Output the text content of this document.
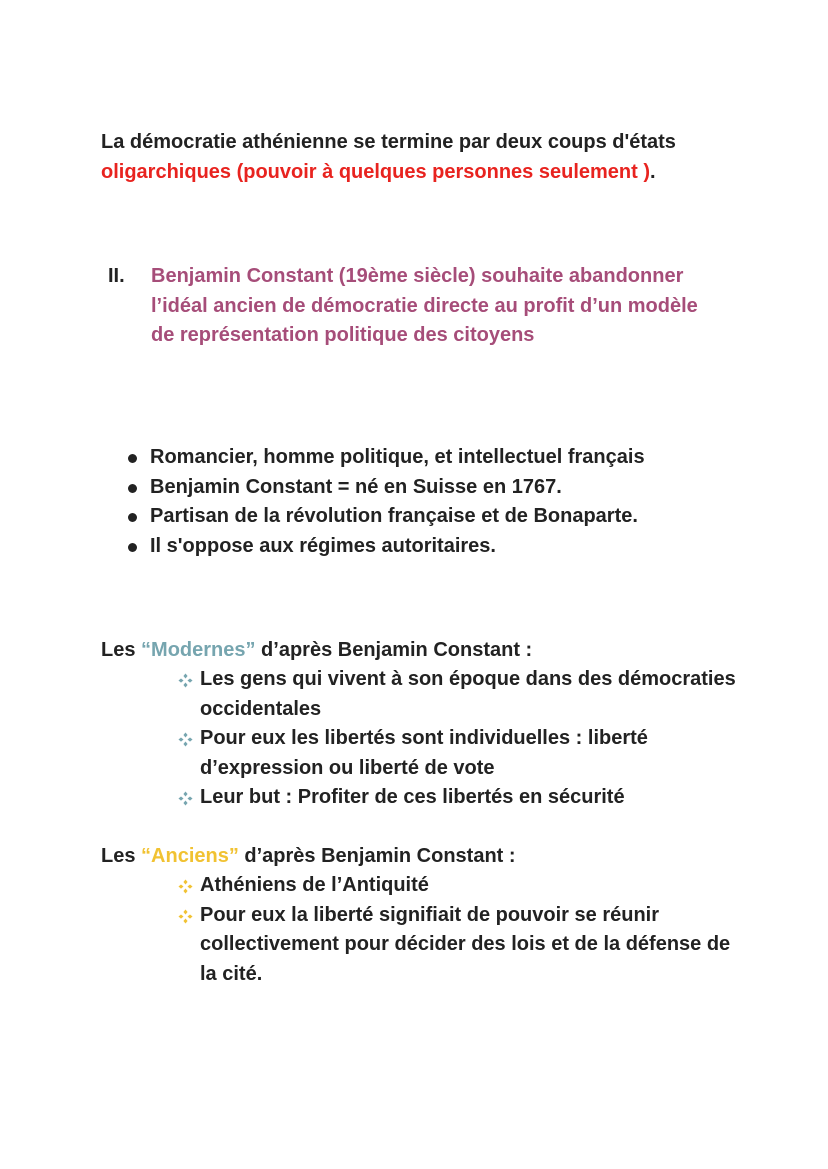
La démocratie athénienne se termine par deux coups d'états oligarchiques (pouvoir à quelques personnes seulement ).
II. Benjamin Constant (19ème siècle) souhaite abandonner l’idéal ancien de démocratie directe au profit d’un modèle de représentation politique des citoyens
Romancier, homme politique, et intellectuel français
Benjamin Constant = né en Suisse en 1767.
Partisan de la révolution française et de Bonaparte.
Il s'oppose aux régimes autoritaires.
Les “Modernes” d’après Benjamin Constant :
Les gens qui vivent à son époque dans des démocraties occidentales
Pour eux les libertés sont individuelles : liberté d’expression ou liberté de vote
Leur but : Profiter de ces libertés en sécurité
Les “Anciens” d’après Benjamin Constant :
Athéniens de l’Antiquité
Pour eux la liberté signifiait de pouvoir se réunir collectivement pour décider des lois et de la défense de la cité.
